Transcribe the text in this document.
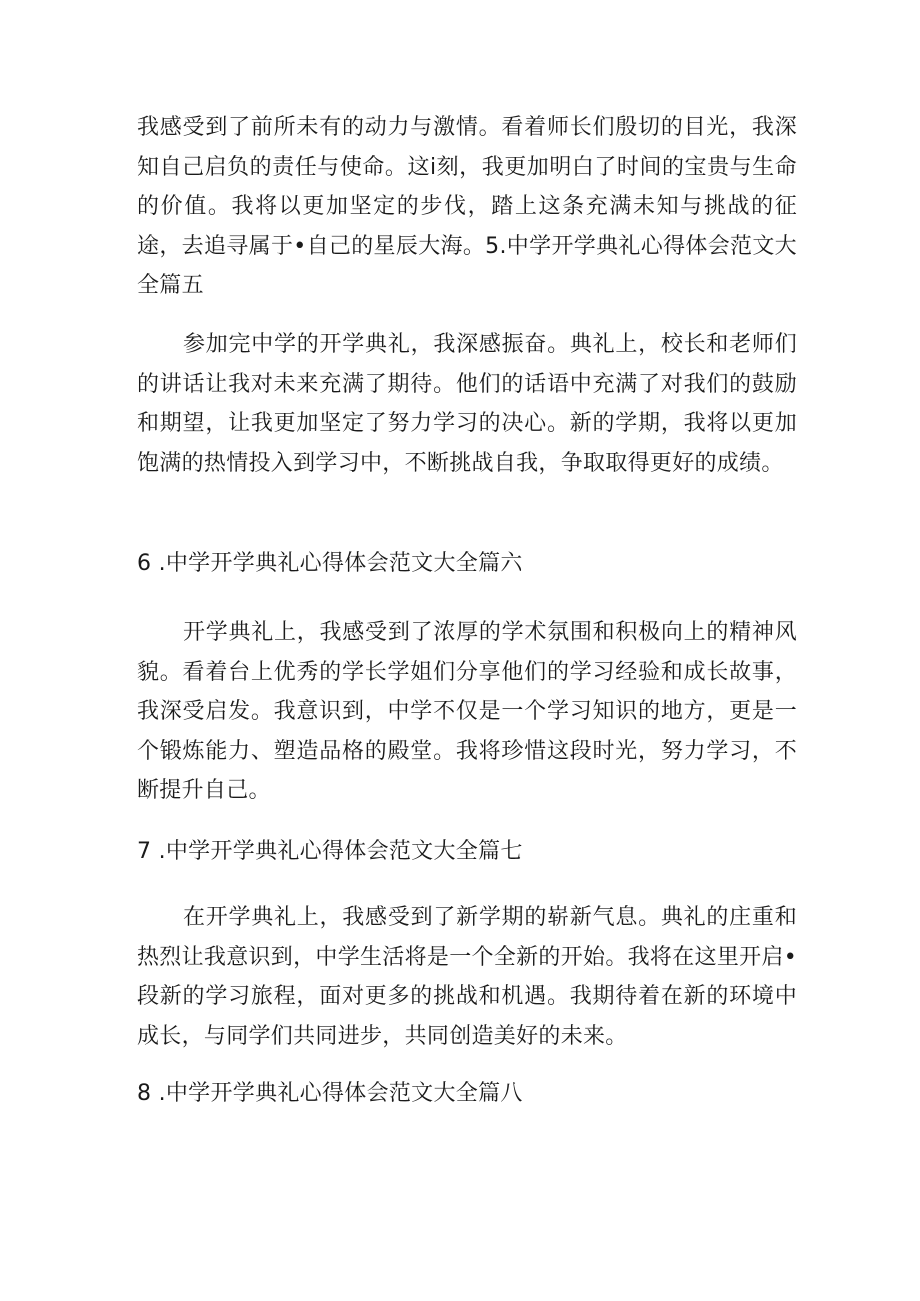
我感受到了前所未有的动力与激情。看着师长们殷切的目光，我深知自己启负的责任与使命。这i刻，我更加明白了时间的宝贵与生命的价值。我将以更加坚定的步伐，踏上这条充满未知与挑战的征途，去追寻属于•自己的星辰大海。5.中学开学典礼心得体会范文大全篇五

参加完中学的开学典礼，我深感振奋。典礼上，校长和老师们的讲话让我对未来充满了期待。他们的话语中充满了对我们的鼓励和期望，让我更加坚定了努力学习的决心。新的学期，我将以更加饱满的热情投入到学习中，不断挑战自我，争取取得更好的成绩。

6 .中学开学典礼心得体会范文大全篇六

开学典礼上，我感受到了浓厚的学术氛围和积极向上的精神风貌。看着台上优秀的学长学姐们分享他们的学习经验和成长故事，我深受启发。我意识到，中学不仅是一个学习知识的地方，更是一个锻炼能力、塑造品格的殿堂。我将珍惜这段时光，努力学习，不断提升自己。

7 .中学开学典礼心得体会范文大全篇七

在开学典礼上，我感受到了新学期的崭新气息。典礼的庄重和热烈让我意识到，中学生活将是一个全新的开始。我将在这里开启•段新的学习旅程，面对更多的挑战和机遇。我期待着在新的环境中成长，与同学们共同进步，共同创造美好的未来。

8 .中学开学典礼心得体会范文大全篇八
